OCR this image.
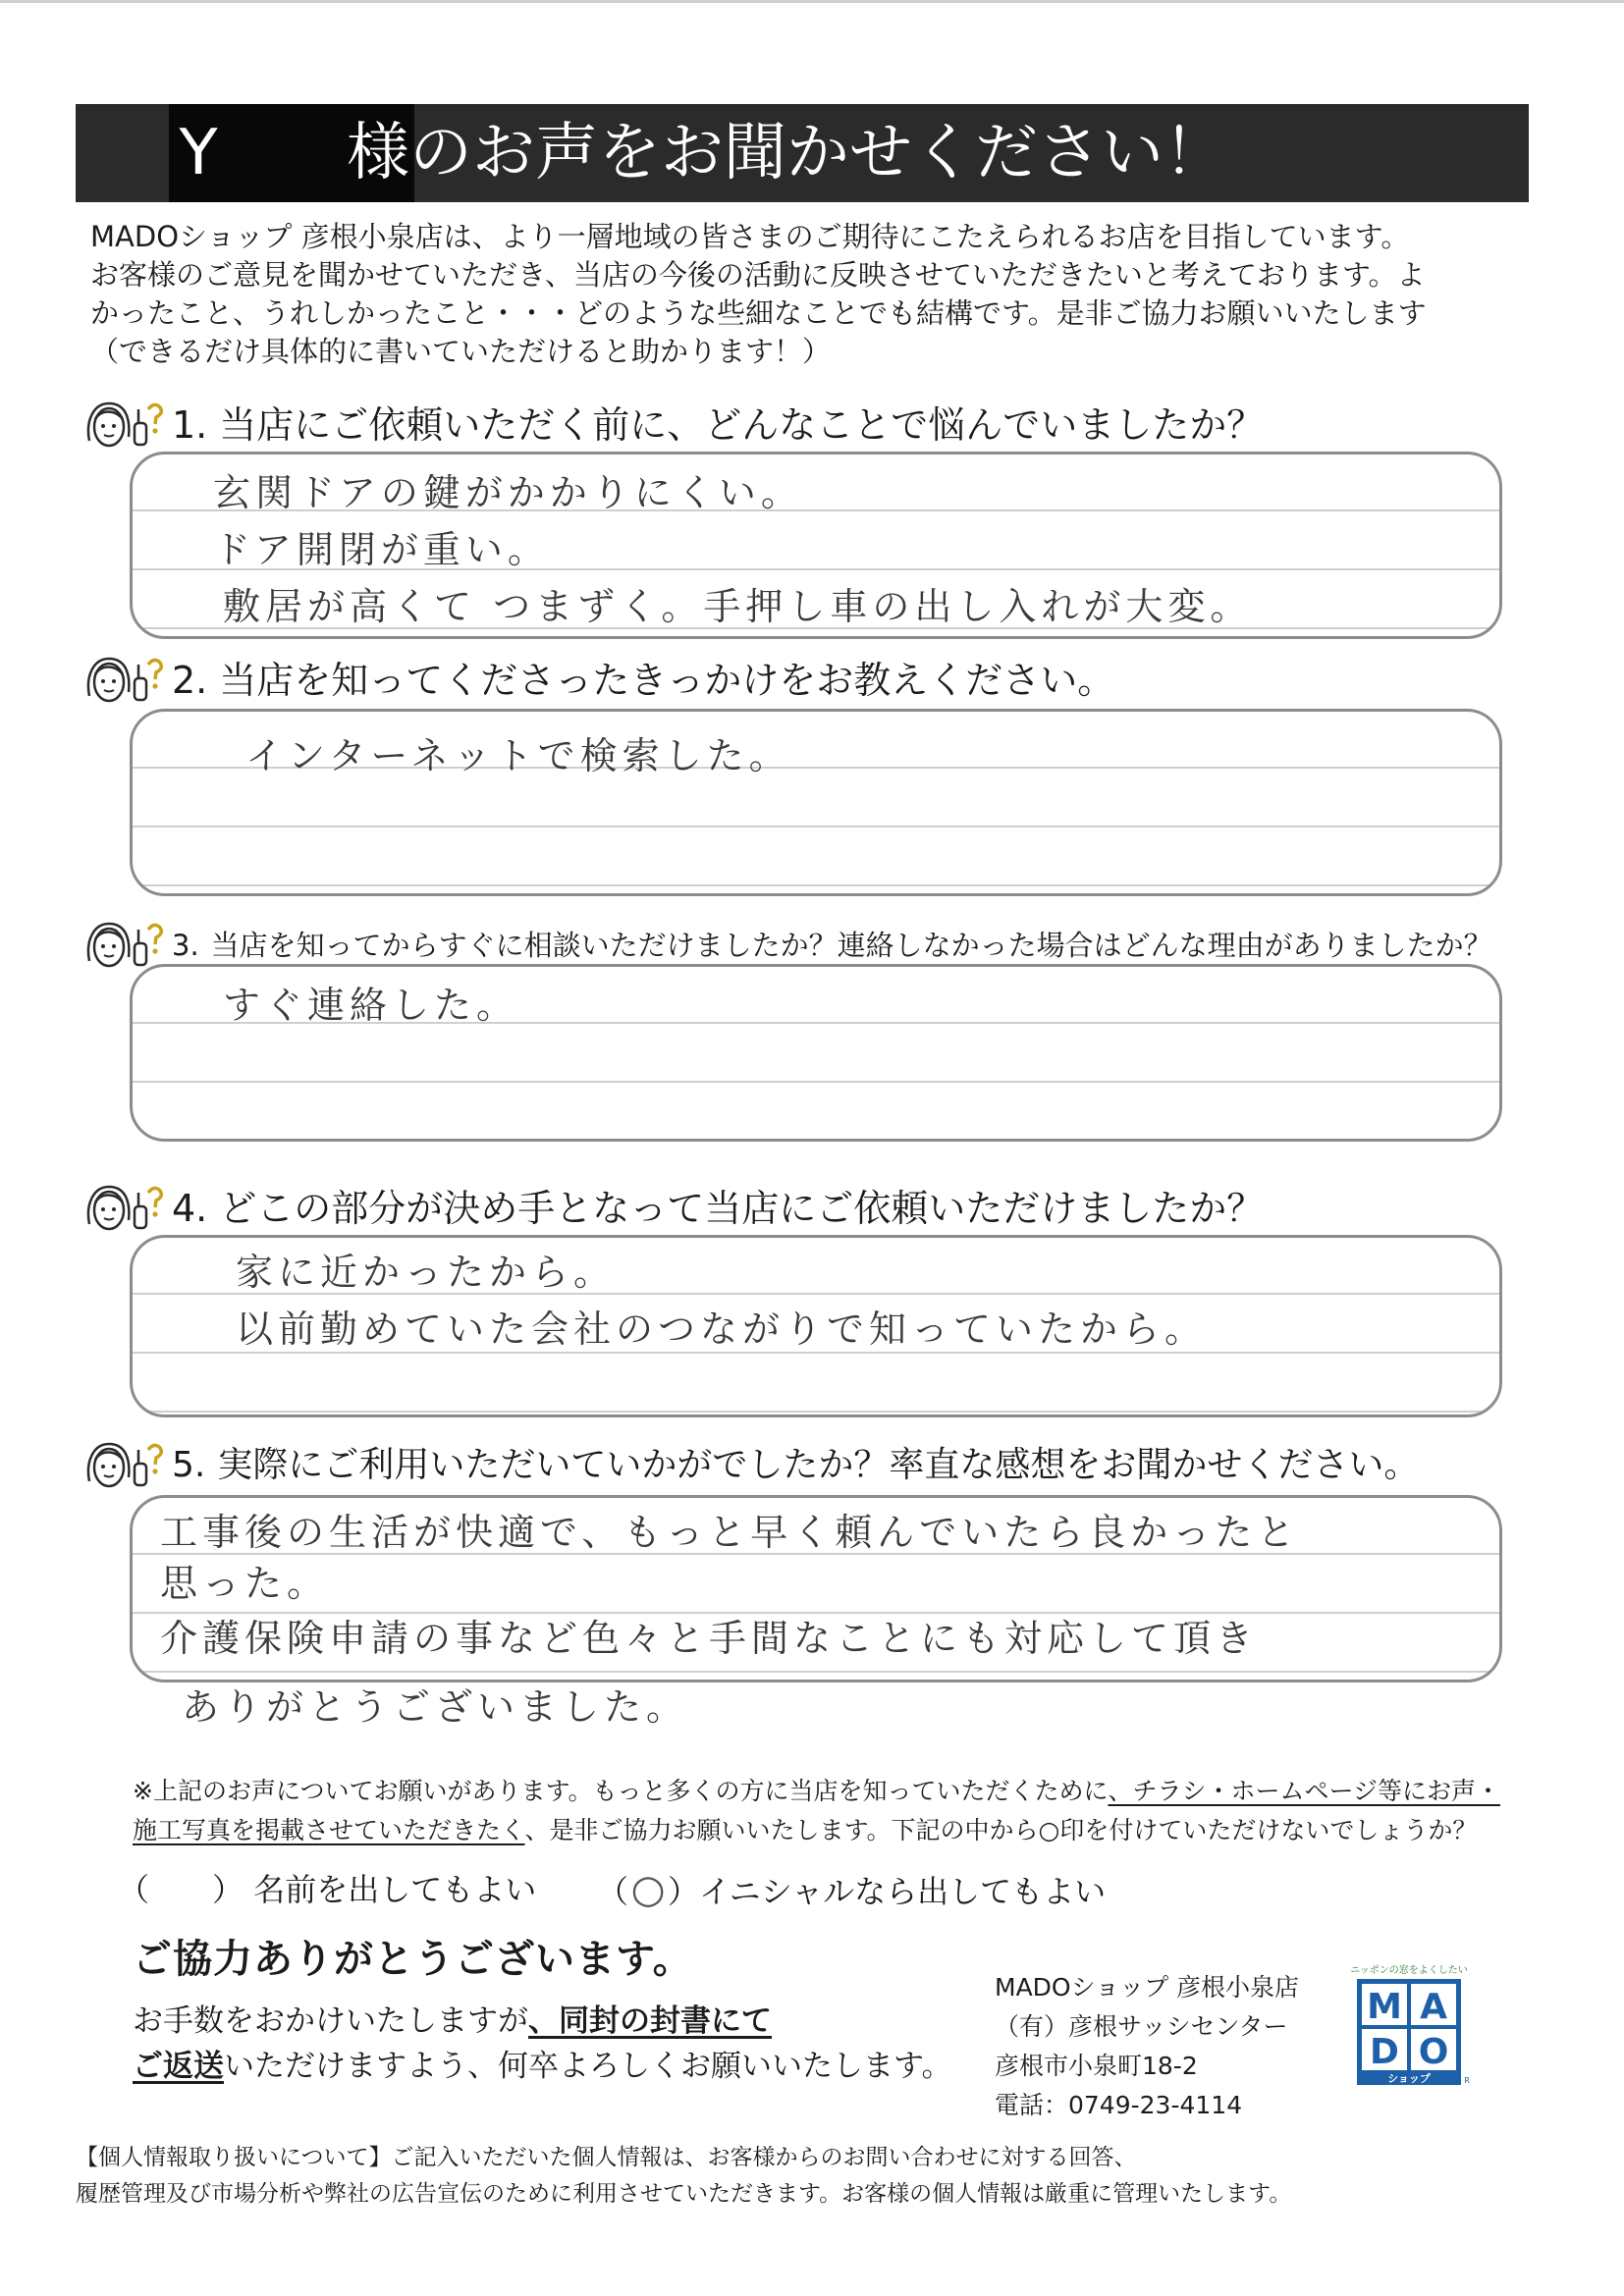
Y	様のお声をお聞かせください！

MADOショップ 彦根小泉店は、より一層地域の皆さまのご期待にこたえられるお店を目指しています。

お客様のご意見を聞かせていただき、当店の今後の活動に反映させていただきたいと考えております。よ

かったこと、うれしかったこと・・・どのような些細なことでも結構です。是非ご協力お願いいたします

（できるだけ具体的に書いていただけると助かります！）

1. 当店にご依頼いただく前に、どんなことで悩んでいましたか？
玄関ドアの鍵がかかりにくい。
ドア開閉が重い。
敷居が高くて つまずく。手押し車の出し入れが大変。
2. 当店を知ってくださったきっかけをお教えください。
インターネットで検索した。
3. 当店を知ってからすぐに相談いただけましたか？連絡しなかった場合はどんな理由がありましたか？
すぐ連絡した。
4. どこの部分が決め手となって当店にご依頼いただけましたか？
家に近かったから。
以前勤めていた会社のつながりで知っていたから。
5. 実際にご利用いただいていかがでしたか？率直な感想をお聞かせください。
工事後の生活が快適で、もっと早く頼んでいたら良かったと
思った。
介護保険申請の事など色々と手間なことにも対応して頂き
ありがとうございました。
※上記のお声についてお願いがあります。もっと多くの方に当店を知っていただくために、チラシ・ホームページ等にお声・
施工写真を掲載させていただきたく、是非ご協力お願いいたします。下記の中から○印を付けていただけないでしょうか？
（　　） 名前を出してもよい （○）イニシャルなら出してもよい
ご協力ありがとうございます。
お手数をおかけいたしますが、同封の封書にて
ご返送いただけますよう、何卒よろしくお願いいたします。
MADOショップ 彦根小泉店
（有）彦根サッシセンター
彦根市小泉町18-2
電話：0749-23-4114
ニッポンの窓をよくしたい
M A
D O
ショップ	R
【個人情報取り扱いについて】ご記入いただいた個人情報は、お客様からのお問い合わせに対する回答、
履歴管理及び市場分析や弊社の広告宣伝のために利用させていただきます。お客様の個人情報は厳重に管理いたします。
